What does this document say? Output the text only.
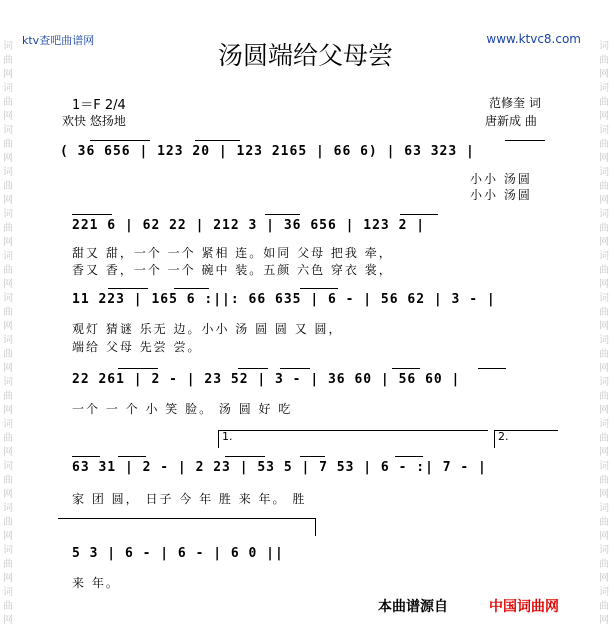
词
曲
网
词
曲
网
词
曲
网
词
曲
网
词
曲
网
词
曲
网
词
曲
网
词
曲
网
词
曲
网
词
曲
网
词
曲
网
词
曲
网
词
曲
网
词
曲
网
词
曲
网
词
曲
网
词
曲
网
词
曲
网
词
曲
网
词
曲
网
词
曲
网
词
曲
网
词
曲
网
词
曲
网
词
曲
网
词
曲
网
词
曲
网
词
曲
网
ktv查吧曲谱网	www.ktvc8.com
汤圆端给父母尝
1＝F 2/4
欢快 悠扬地
范修奎 词
唐新成 曲
( 36 656 | 123 20 | 123 2165 | 66 6) | 63 323 |
小小 汤圆
小小 汤圆
221 6 | 62 22 | 212 3 | 36 656 | 123 2 |
甜又 甜，一个 一个 紧相 连。如同 父母 把我 牵，
香又 香，一个 一个 碗中 装。五颜 六色 穿衣 裳，
11 223 | 165 6 :||: 66 635 | 6 - | 56 62 | 3 - |
观灯 猜谜 乐无 边。小小 汤 圆 圆 又 圆，
端给 父母 先尝 尝。
22 261 | 2 - | 23 52 | 3 - | 36 60 | 56 60 |
一个 一 个 小 笑 脸。 汤 圆 好 吃
1.	2.
63 31 | 2 - | 2 23 | 53 5 | 7 53 | 6 - :| 7 - |
家 团 圆， 日子 今 年 胜 来 年。 胜
5 3 | 6 - | 6 - | 6 0 ||
来 年。
本曲谱源自	中国词曲网
